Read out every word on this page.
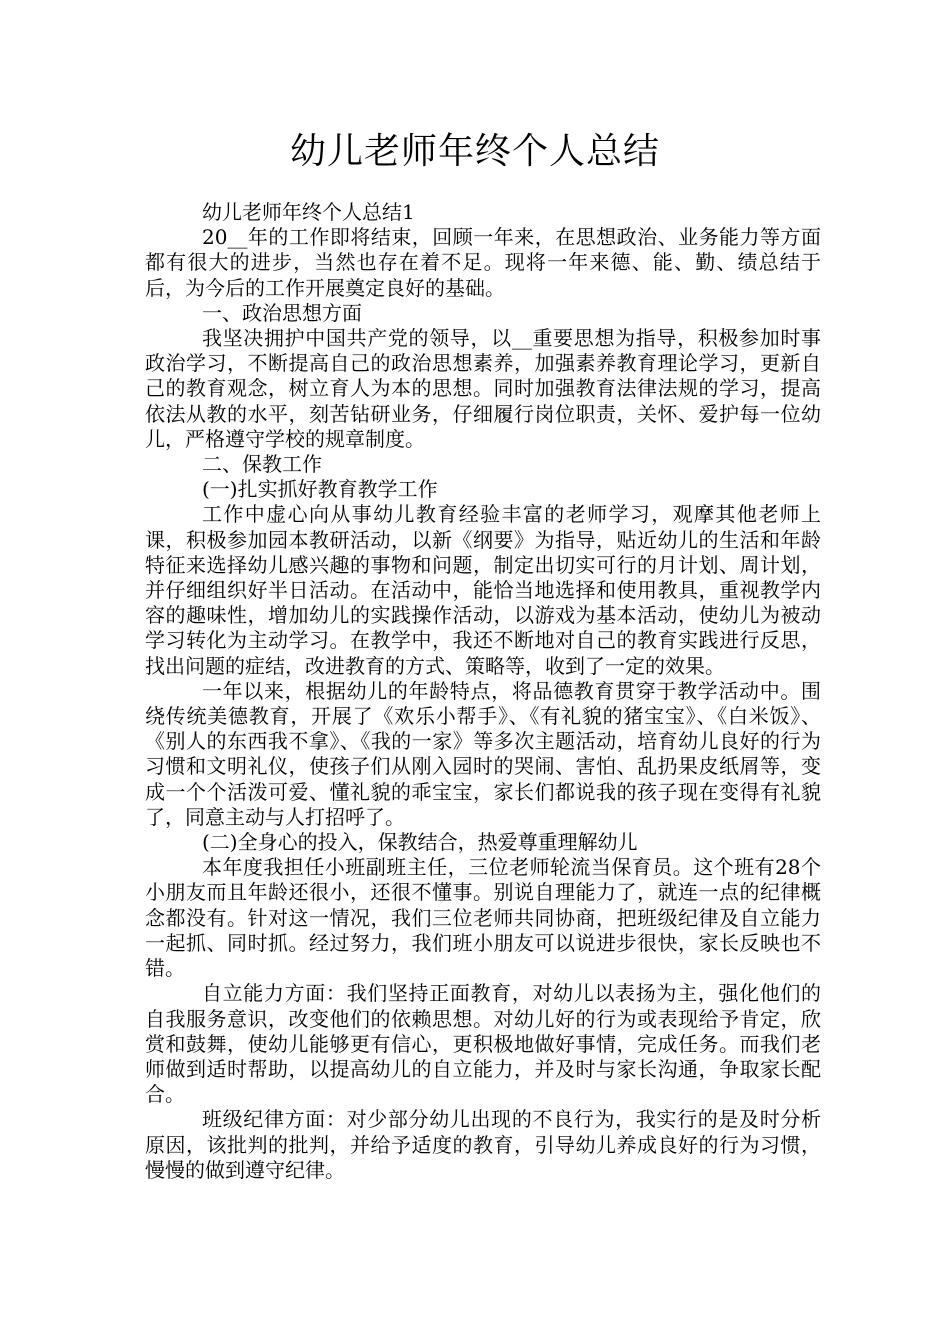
幼儿老师年终个人总结

幼儿老师年终个人总结1

20__年的工作即将结束，回顾一年来，在思想政治、业务能力等方面都有很大的进步，当然也存在着不足。现将一年来德、能、勤、绩总结于后，为今后的工作开展奠定良好的基础。

一、政治思想方面

我坚决拥护中国共产党的领导，以__重要思想为指导，积极参加时事政治学习，不断提高自己的政治思想素养，加强素养教育理论学习，更新自己的教育观念，树立育人为本的思想。同时加强教育法律法规的学习，提高依法从教的水平，刻苦钻研业务，仔细履行岗位职责，关怀、爱护每一位幼儿，严格遵守学校的规章制度。

二、保教工作

(一)扎实抓好教育教学工作

工作中虚心向从事幼儿教育经验丰富的老师学习，观摩其他老师上课，积极参加园本教研活动，以新《纲要》为指导，贴近幼儿的生活和年龄特征来选择幼儿感兴趣的事物和问题，制定出切实可行的月计划、周计划，并仔细组织好半日活动。在活动中，能恰当地选择和使用教具，重视教学内容的趣味性，增加幼儿的实践操作活动，以游戏为基本活动，使幼儿为被动学习转化为主动学习。在教学中，我还不断地对自己的教育实践进行反思，找出问题的症结，改进教育的方式、策略等，收到了一定的效果。

一年以来，根据幼儿的年龄特点，将品德教育贯穿于教学活动中。围绕传统美德教育，开展了《欢乐小帮手》、《有礼貌的猪宝宝》、《白米饭》、《别人的东西我不拿》、《我的一家》等多次主题活动，培育幼儿良好的行为习惯和文明礼仪，使孩子们从刚入园时的哭闹、害怕、乱扔果皮纸屑等，变成一个个活泼可爱、懂礼貌的乖宝宝，家长们都说我的孩子现在变得有礼貌了，同意主动与人打招呼了。

(二)全身心的投入，保教结合，热爱尊重理解幼儿

本年度我担任小班副班主任，三位老师轮流当保育员。这个班有28个小朋友而且年龄还很小，还很不懂事。别说自理能力了，就连一点的纪律概念都没有。针对这一情况，我们三位老师共同协商，把班级纪律及自立能力一起抓、同时抓。经过努力，我们班小朋友可以说进步很快，家长反映也不错。

自立能力方面：我们坚持正面教育，对幼儿以表扬为主，强化他们的自我服务意识，改变他们的依赖思想。对幼儿好的行为或表现给予肯定，欣赏和鼓舞，使幼儿能够更有信心，更积极地做好事情，完成任务。而我们老师做到适时帮助，以提高幼儿的自立能力，并及时与家长沟通，争取家长配合。

班级纪律方面：对少部分幼儿出现的不良行为，我实行的是及时分析原因，该批判的批判，并给予适度的教育，引导幼儿养成良好的行为习惯，慢慢的做到遵守纪律。
